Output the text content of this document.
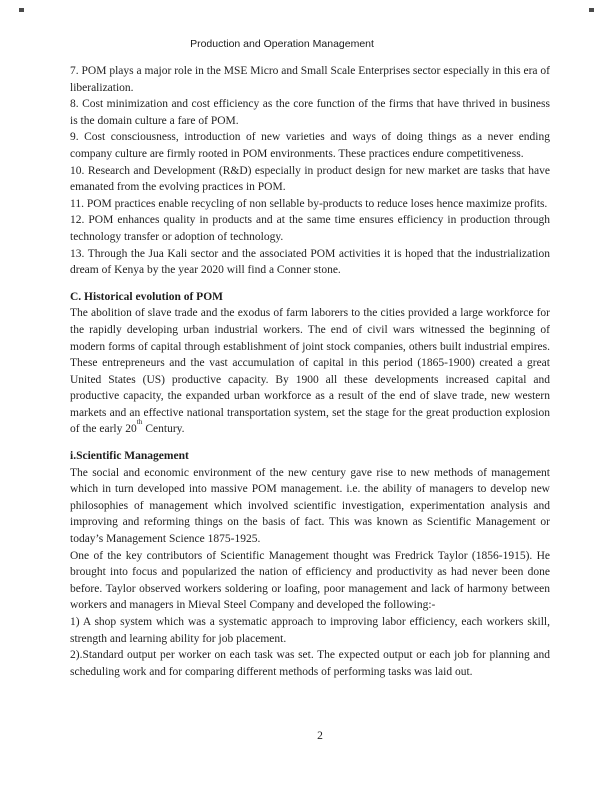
Production and Operation Management

7. POM plays a major role in the MSE Micro and Small Scale Enterprises sector especially in this era of liberalization.

8. Cost minimization and cost efficiency as the core function of the firms that have thrived in business is the domain culture a fare of POM.

9. Cost consciousness, introduction of new varieties and ways of doing things as a never ending company culture are firmly rooted in POM environments. These practices endure competitiveness.

10. Research and Development (R&D) especially in product design for new market are tasks that have emanated from the evolving practices in POM.

11. POM practices enable recycling of non sellable by-products to reduce loses hence maximize profits.

12. POM enhances quality in products and at the same time ensures efficiency in production through technology transfer or adoption of technology.

13. Through the Jua Kali sector and the associated POM activities it is hoped that the industrialization dream of Kenya by the year 2020 will find a Conner stone.

C. Historical evolution of POM

The abolition of slave trade and the exodus of farm laborers to the cities provided a large workforce for the rapidly developing urban industrial workers. The end of civil wars witnessed the beginning of modern forms of capital through establishment of joint stock companies, others built industrial empires. These entrepreneurs and the vast accumulation of capital in this period (1865-1900) created a great United States (US) productive capacity. By 1900 all these developments increased capital and productive capacity, the expanded urban workforce as a result of the end of slave trade, new western markets and an effective national transportation system, set the stage for the great production explosion of the early 20th Century.

i.Scientific Management

The social and economic environment of the new century gave rise to new methods of management which in turn developed into massive POM management. i.e. the ability of managers to develop new philosophies of management which involved scientific investigation, experimentation analysis and improving and reforming things on the basis of fact. This was known as Scientific Management or today’s Management Science 1875-1925.

One of the key contributors of Scientific Management thought was Fredrick Taylor (1856-1915). He brought into focus and popularized the nation of efficiency and productivity as had never been done before. Taylor observed workers soldering or loafing, poor management and lack of harmony between workers and managers in Mieval Steel Company and developed the following:-

1) A shop system which was a systematic approach to improving labor efficiency, each workers skill, strength and learning ability for job placement.

2).Standard output per worker on each task was set. The expected output or each job for planning and scheduling work and for comparing different methods of performing tasks was laid out.

2
